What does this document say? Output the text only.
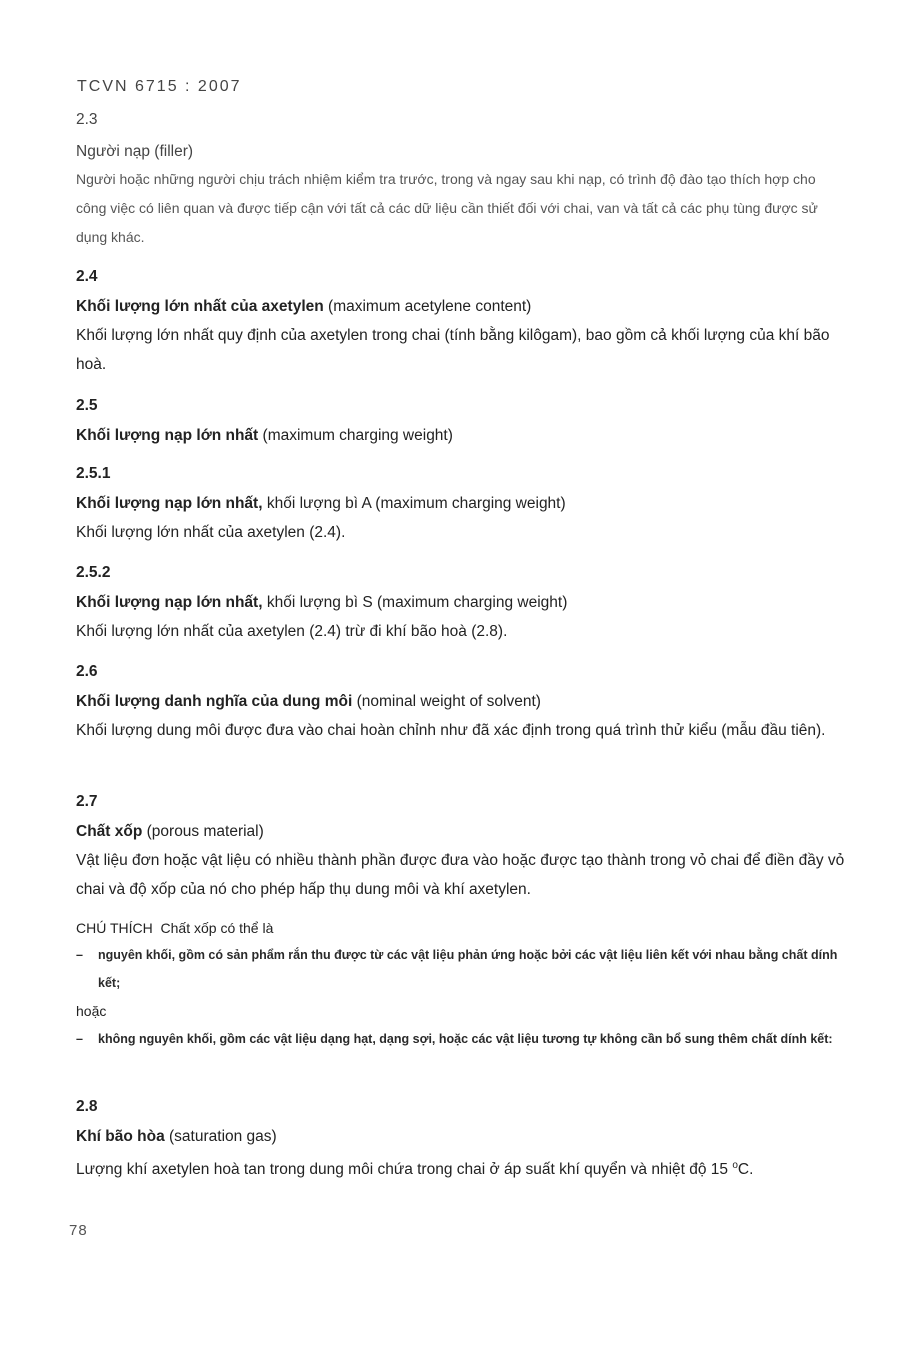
TCVN 6715 : 2007
2.3
Người nạp (filler)
Người hoặc những người chịu trách nhiệm kiểm tra trước, trong và ngay sau khi nạp, có trình độ đào tạo thích hợp cho công việc có liên quan và được tiếp cận với tất cả các dữ liệu cần thiết đối với chai, van và tất cả các phụ tùng được sử dụng khác.
2.4
Khối lượng lớn nhất của axetylen (maximum acetylene content)
Khối lượng lớn nhất quy định của axetylen trong chai (tính bằng kilôgam), bao gồm cả khối lượng của khí bão hoà.
2.5
Khối lượng nạp lớn nhất (maximum charging weight)
2.5.1
Khối lượng nạp lớn nhất, khối lượng bì A (maximum charging weight)
Khối lượng lớn nhất của axetylen (2.4).
2.5.2
Khối lượng nạp lớn nhất, khối lượng bì S (maximum charging weight)
Khối lượng lớn nhất của axetylen (2.4) trừ đi khí bão hoà (2.8).
2.6
Khối lượng danh nghĩa của dung môi (nominal weight of solvent)
Khối lượng dung môi được đưa vào chai hoàn chỉnh như đã xác định trong quá trình thử kiểu (mẫu đầu tiên).
2.7
Chất xốp (porous material)
Vật liệu đơn hoặc vật liệu có nhiều thành phần được đưa vào hoặc được tạo thành trong vỏ chai để điền đầy vỏ chai và độ xốp của nó cho phép hấp thụ dung môi và khí axetylen.
CHÚ THÍCH Chất xốp có thể là
– nguyên khối, gồm có sản phẩm rắn thu được từ các vật liệu phản ứng hoặc bởi các vật liệu liên kết với nhau bằng chất dính kết;
hoặc
– không nguyên khối, gồm các vật liệu dạng hạt, dạng sợi, hoặc các vật liệu tương tự không cần bổ sung thêm chất dính kết:
2.8
Khí bão hòa (saturation gas)
Lượng khí axetylen hoà tan trong dung môi chứa trong chai ở áp suất khí quyển và nhiệt độ 15 $^o$C.
78
